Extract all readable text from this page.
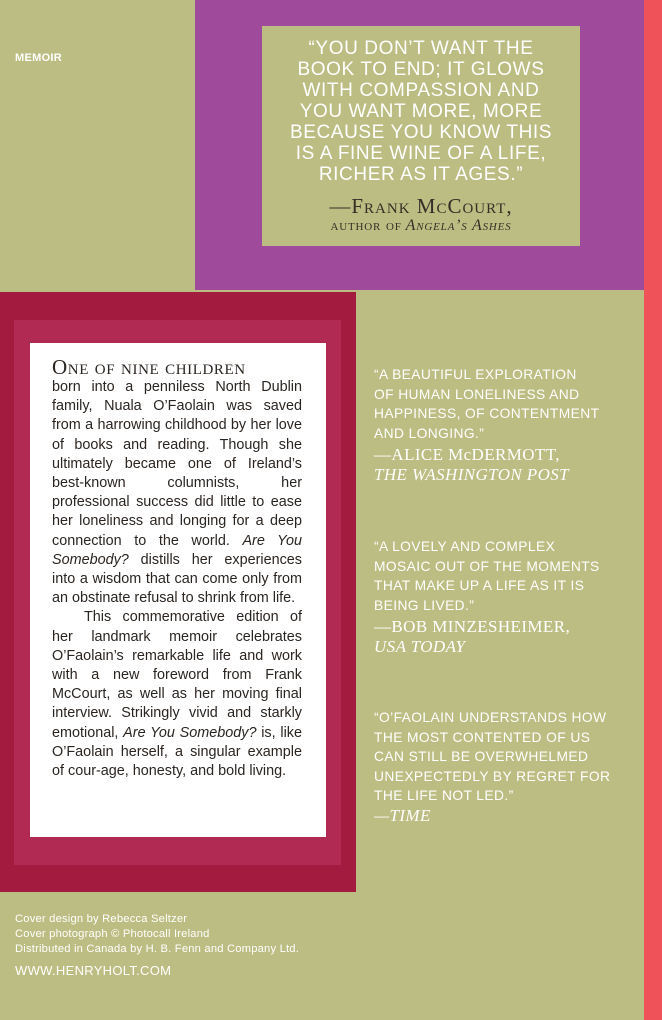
MEMOIR	“YOU DON’T WANT THE
BOOK TO END; IT GLOWS
WITH COMPASSION AND
YOU WANT MORE, MORE
BECAUSE YOU KNOW THIS
IS A FINE WINE OF A LIFE,
RICHER AS IT AGES.”
—Frank McCourt,
author of Angela’s Ashes

One of nine children
born into a penniless North Dublin family, Nuala O’Faolain was saved from a harrowing childhood by her love of books and reading. Though she ultimately became one of Ireland’s best-known columnists, her professional success did little to ease her loneliness and longing for a deep connection to the world. Are You Somebody? distills her experiences into a wisdom that can come only from an obstinate refusal to shrink from life.

This commemorative edition of her landmark memoir celebrates O’Faolain’s remarkable life and work with a new foreword from Frank McCourt, as well as her moving final interview. Strikingly vivid and starkly emotional, Are You Somebody? is, like O’Faolain herself, a singular example of cour-age, honesty, and bold living.

“A BEAUTIFUL EXPLORATION
OF HUMAN LONELINESS AND
HAPPINESS, OF CONTENTMENT
AND LONGING.”
—ALICE McDERMOTT,
THE WASHINGTON POST
“A LOVELY AND COMPLEX
MOSAIC OUT OF THE MOMENTS
THAT MAKE UP A LIFE AS IT IS
BEING LIVED.”
—BOB MINZESHEIMER,
USA TODAY
“O’FAOLAIN UNDERSTANDS HOW
THE MOST CONTENTED OF US
CAN STILL BE OVERWHELMED
UNEXPECTEDLY BY REGRET FOR
THE LIFE NOT LED.”
—TIME
Cover design by Rebecca Seltzer
Cover photograph © Photocall Ireland
Distributed in Canada by H. B. Fenn and Company Ltd.
WWW.HENRYHOLT.COM
